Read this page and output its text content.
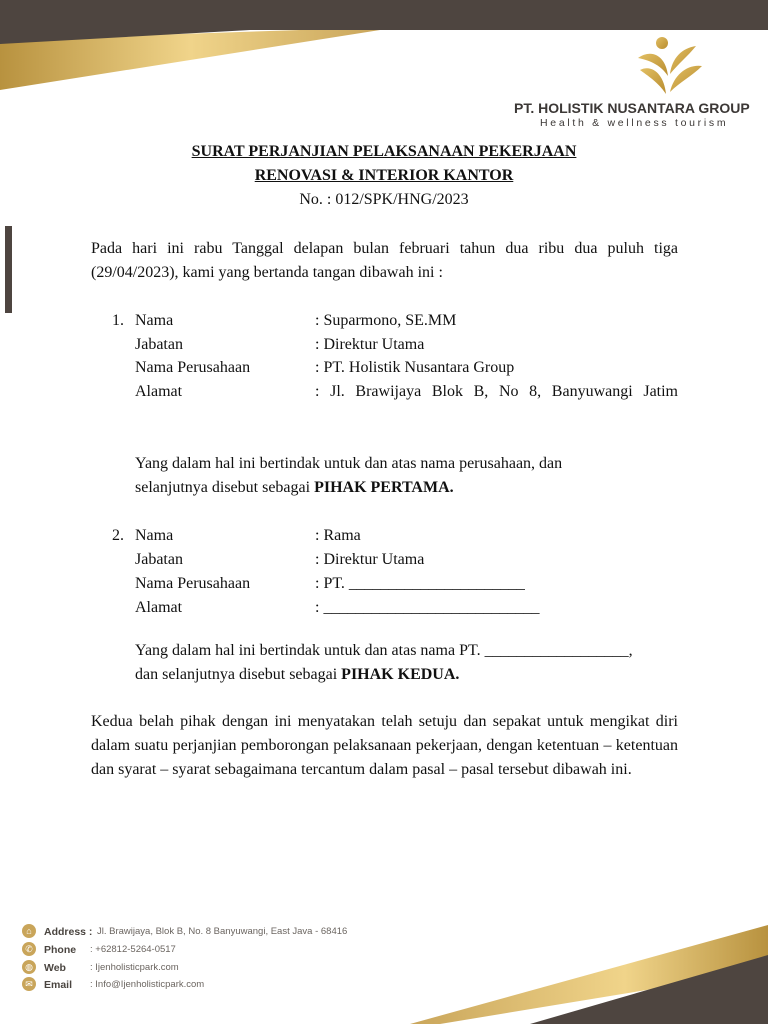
PT. HOLISTIK NUSANTARA GROUP
Health & wellness tourism
SURAT PERJANJIAN PELAKSANAAN PEKERJAAN
RENOVASI & INTERIOR KANTOR
No. : 012/SPK/HNG/2023
Pada hari ini rabu Tanggal delapan bulan februari tahun dua ribu dua puluh tiga (29/04/2023), kami yang bertanda tangan dibawah ini :
1. Nama	: Suparmono, SE.MM
Jabatan	: Direktur Utama
Nama Perusahaan	: PT. Holistik Nusantara Group
Alamat	: Jl. Brawijaya Blok B, No 8, Banyuwangi Jatim
Yang dalam hal ini bertindak untuk dan atas nama perusahaan, dan selanjutnya disebut sebagai PIHAK PERTAMA.
2. Nama	: Rama
Jabatan	: Direktur Utama
Nama Perusahaan	: PT. ______________________
Alamat	: ___________________________
Yang dalam hal ini bertindak untuk dan atas nama PT. __________________,
dan selanjutnya disebut sebagai PIHAK KEDUA.
Kedua belah pihak dengan ini menyatakan telah setuju dan sepakat untuk mengikat diri dalam suatu perjanjian pemborongan pelaksanaan pekerjaan, dengan ketentuan – ketentuan dan syarat – syarat sebagaimana tercantum dalam pasal – pasal tersebut dibawah ini.
⌂	Address : Jl. Brawijaya, Blok B, No. 8 Banyuwangi, East Java - 68416
✆	Phone : +62812-5264-0517
◍ Web	: Ijenholisticpark.com
✉	Email : Info@Ijenholisticpark.com
